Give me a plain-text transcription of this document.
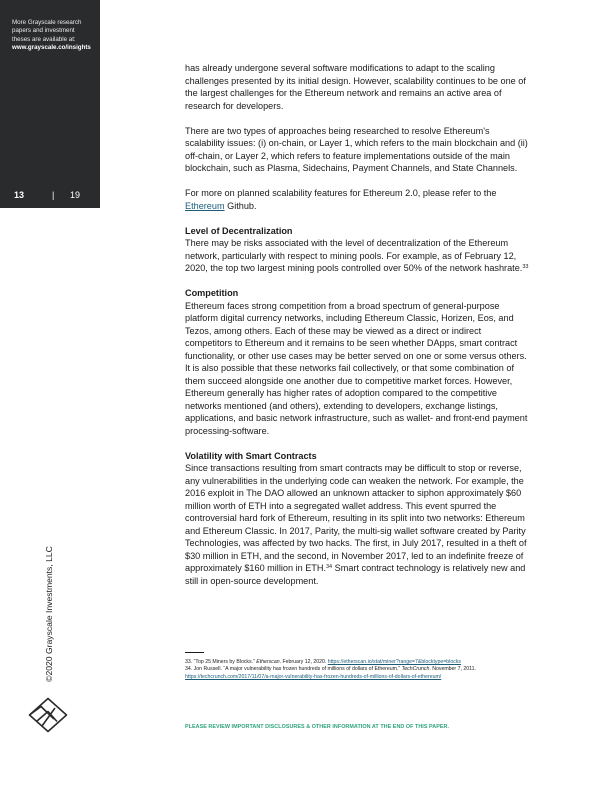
More Grayscale research
papers and investment
theses are available at:
www.grayscale.co/insights
13	| 19

has already undergone several software modifications to adapt to the scaling challenges presented by its initial design. However, scalability continues to be one of the largest challenges for the Ethereum network and remains an active area of research for developers.

There are two types of approaches being researched to resolve Ethereum's scalability issues: (i) on-chain, or Layer 1, which refers to the main blockchain and (ii) off-chain, or Layer 2, which refers to feature implementations outside of the main blockchain, such as Plasma, Sidechains, Payment Channels, and State Channels.

For more on planned scalability features for Ethereum 2.0, please refer to the Ethereum Github.

Level of Decentralization

There may be risks associated with the level of decentralization of the Ethereum network, particularly with respect to mining pools. For example, as of February 12, 2020, the top two largest mining pools controlled over 50% of the network hashrate.$^{33}$

Competition

Ethereum faces strong competition from a broad spectrum of general-purpose platform digital currency networks, including Ethereum Classic, Horizen, Eos, and Tezos, among others. Each of these may be viewed as a direct or indirect competitors to Ethereum and it remains to be seen whether DApps, smart contract functionality, or other use cases may be better served on one or some versus others. It is also possible that these networks fail collectively, or that some combination of them succeed alongside one another due to competitive market forces. However, Ethereum generally has higher rates of adoption compared to the competitive networks mentioned (and others), extending to developers, exchange listings, applications, and basic network infrastructure, such as wallet- and front-end payment processing-software.

Volatility with Smart Contracts

Since transactions resulting from smart contracts may be difficult to stop or reverse, any vulnerabilities in the underlying code can weaken the network. For example, the 2016 exploit in The DAO allowed an unknown attacker to siphon approximately $60 million worth of ETH into a segregated wallet address. This event spurred the controversial hard fork of Ethereum, resulting in its split into two networks: Ethereum and Ethereum Classic. In 2017, Parity, the multi-sig wallet software created by Parity Technologies, was affected by two hacks. The first, in July 2017, resulted in a theft of $30 million in ETH, and the second, in November 2017, led to an indefinite freeze of approximately $160 million in ETH.$^{34}$ Smart contract technology is relatively new and still in open-source development.

33. “Top 25 Miners by Blocks.” Etherscan. February 12, 2020. https://etherscan.io/stat/miner?range=7&blocktype=blocks

34. Jon Russell. “A major vulnerability has frozen hundreds of millions of dollars of Ethereum.” TechCrunch. November 7, 2011. https://techcrunch.com/2017/11/07/a-major-vulnerability-has-frozen-hundreds-of-millions-of-dollars-of-ethereum/

©2020 Grayscale Investments, LLC
PLEASE REVIEW IMPORTANT DISCLOSURES & OTHER INFORMATION AT THE END OF THIS PAPER.
